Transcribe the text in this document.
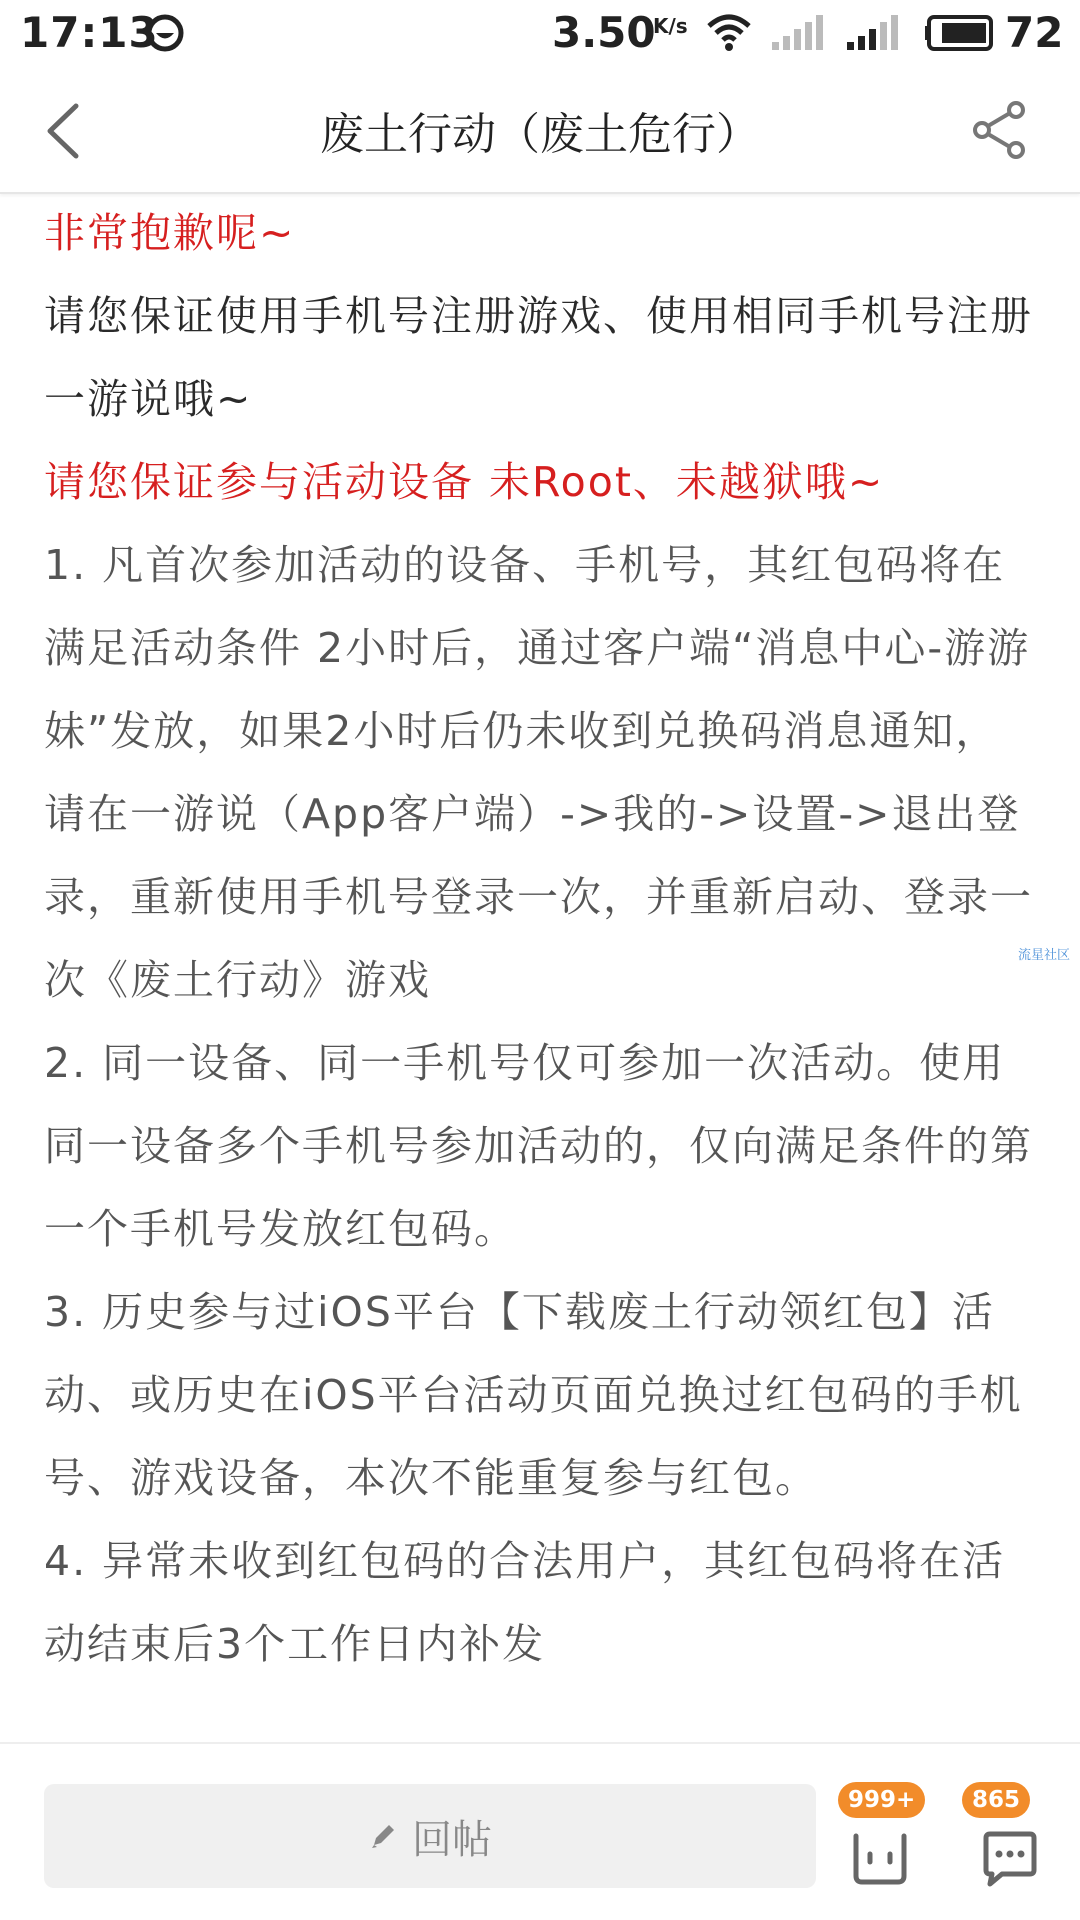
17:13	3.50
K/s	72
废土行动（废土危行）

非常抱歉呢~

请您保证使用手机号注册游戏、使用相同手机号注册一游说哦~

请您保证参与活动设备 未Root、未越狱哦~

1. 凡首次参加活动的设备、手机号，其红包码将在满足活动条件 2小时后，通过客户端“消息中心-游游妹”发放，如果2小时后仍未收到兑换码消息通知，请在一游说（App客户端）->我的->设置->退出登录，重新使用手机号登录一次，并重新启动、登录一次《废土行动》游戏

2. 同一设备、同一手机号仅可参加一次活动。使用同一设备多个手机号参加活动的，仅向满足条件的第一个手机号发放红包码。

3. 历史参与过iOS平台【下载废土行动领红包】活动、或历史在iOS平台活动页面兑换过红包码的手机号、游戏设备，本次不能重复参与红包。

4. 异常未收到红包码的合法用户，其红包码将在活动结束后3个工作日内补发

流星社区
回帖
999+	865
